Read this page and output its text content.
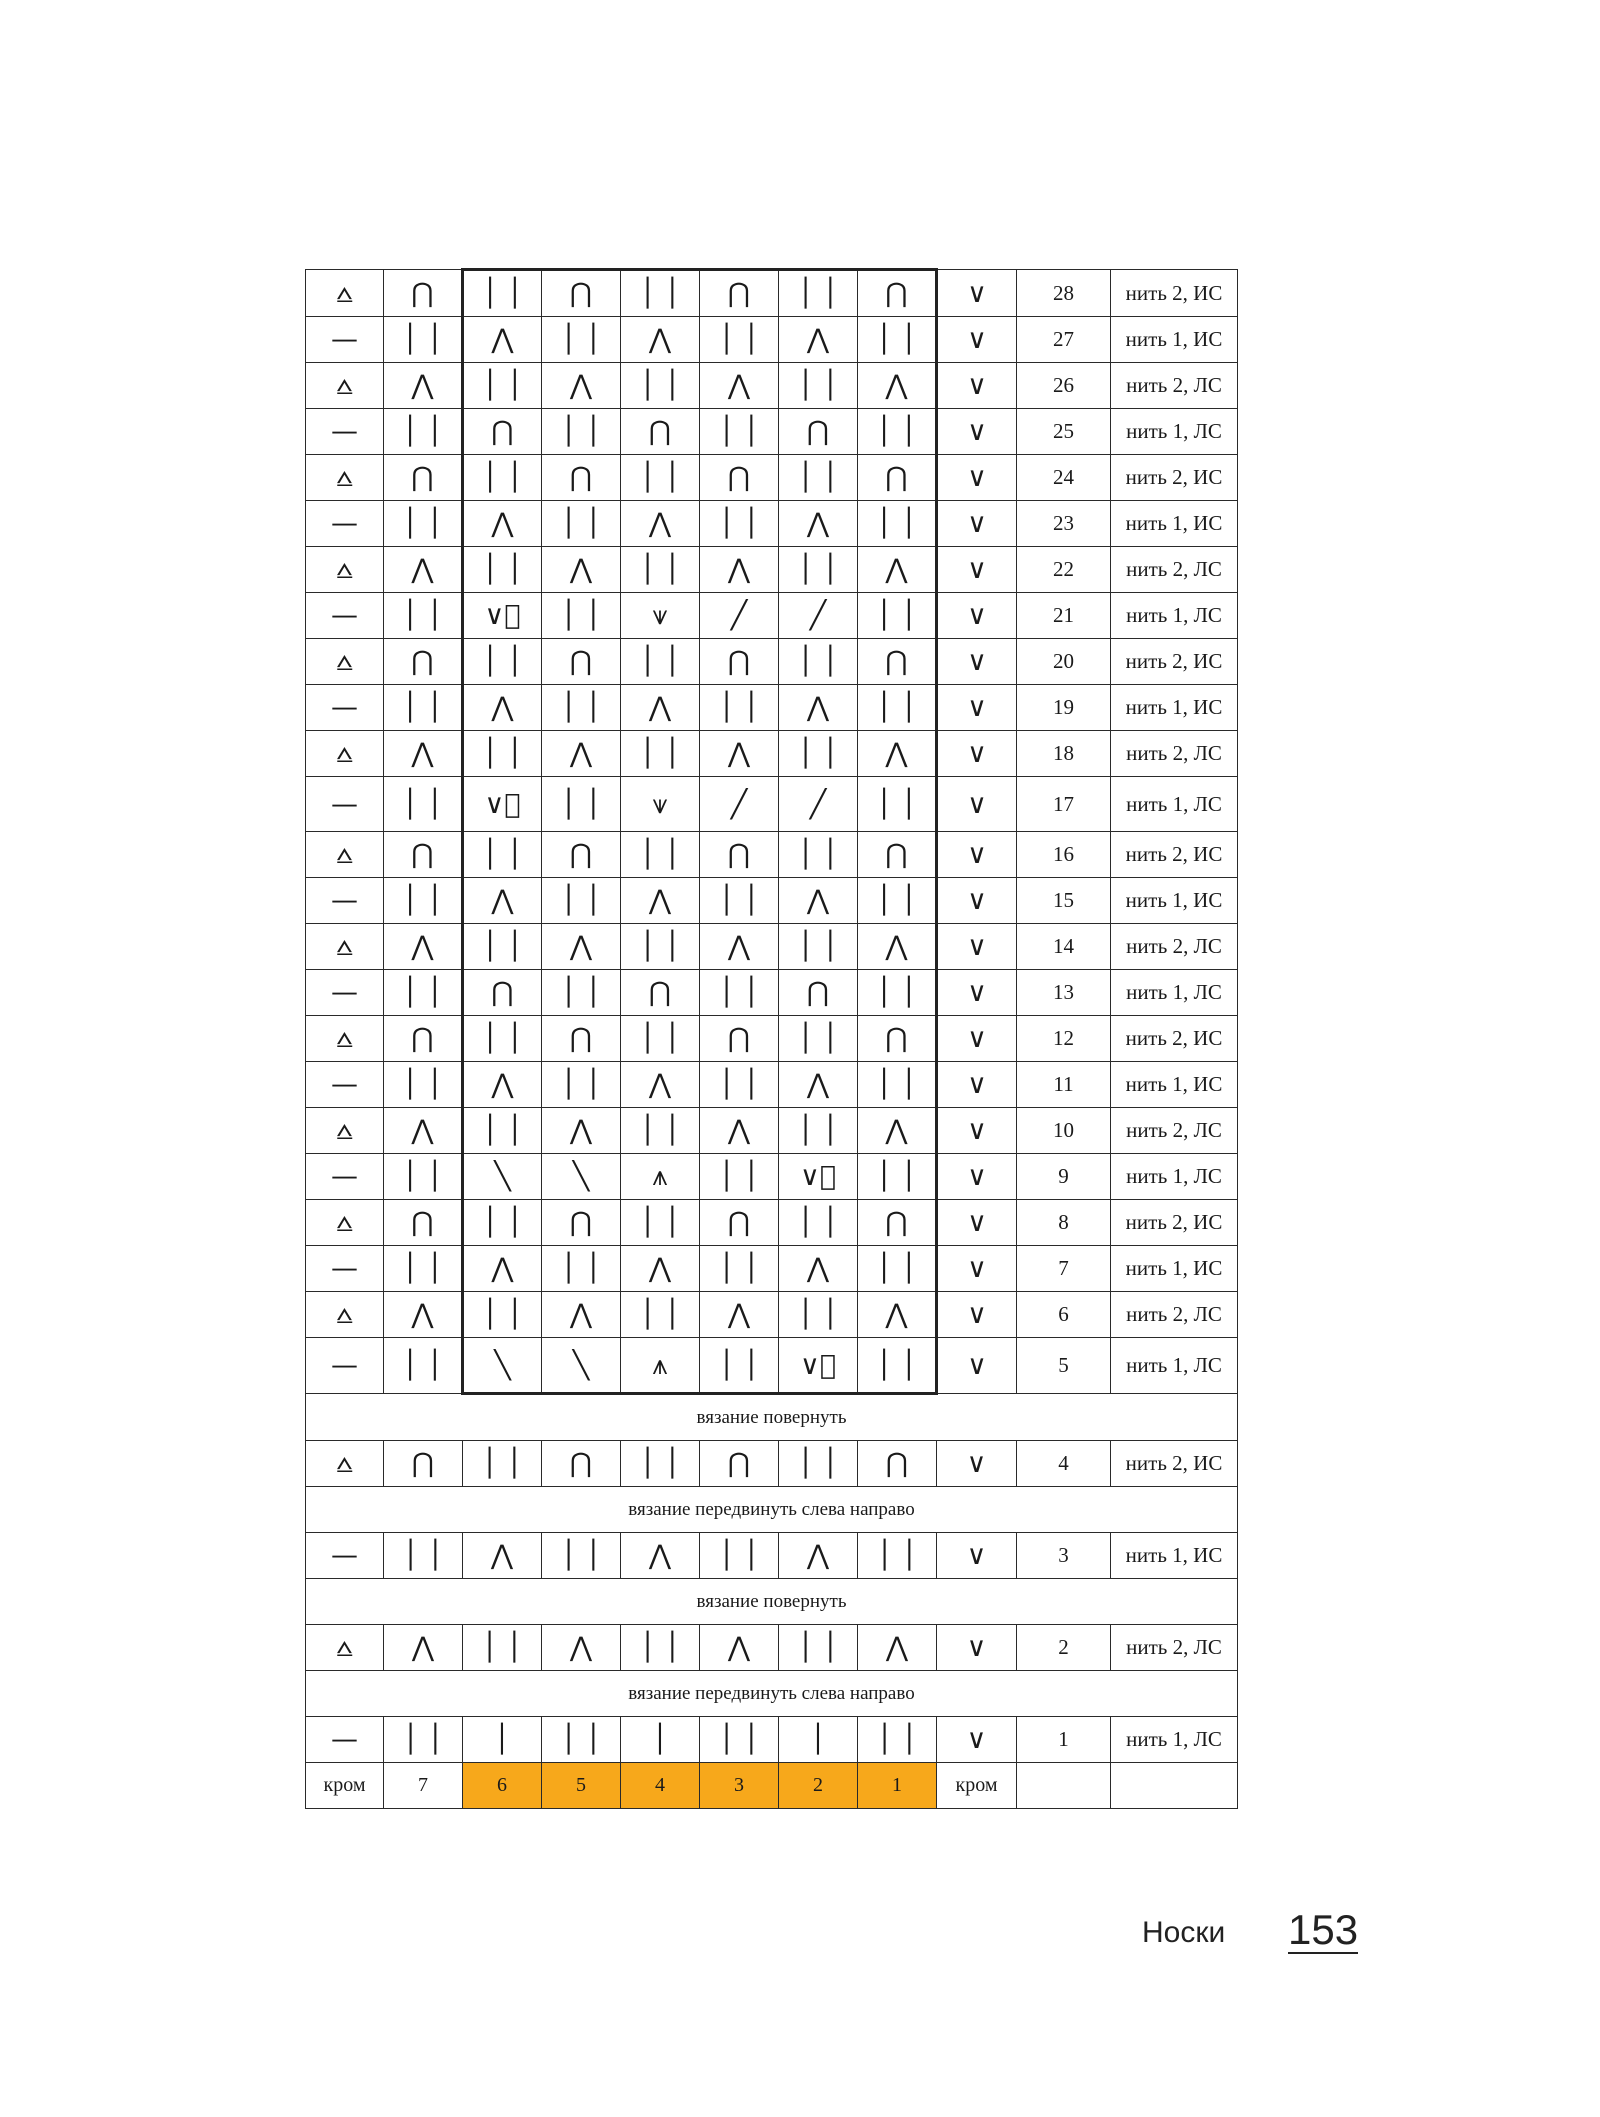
⩟	⋂	│ │	⋂	│ │	⋂	│ │	⋂	∨	28	нить 2, ИС
—	│ │	⋀	│ │	⋀	│ │	⋀	│ │	∨	27	нить 1, ИС
⩟	⋀	│ │	⋀	│ │	⋀	│ │	⋀	∨	26	нить 2, ЛС
—	│ │	⋂	│ │	⋂	│ │	⋂	│ │	∨	25	нить 1, ЛС
⩟	⋂	│ │	⋂	│ │	⋂	│ │	⋂	∨	24	нить 2, ИС
—	│ │	⋀	│ │	⋀	│ │	⋀	│ │	∨	23	нить 1, ИС
⩟	⋀	│ │	⋀	│ │	⋀	│ │	⋀	∨	22	нить 2, ЛС
—	│ │	∨͛	│ │	⩛	╱	╱	│ │	∨	21	нить 1, ЛС
⩟	⋂	│ │	⋂	│ │	⋂	│ │	⋂	∨	20	нить 2, ИС
—	│ │	⋀	│ │	⋀	│ │	⋀	│ │	∨	19	нить 1, ИС
⩟	⋀	│ │	⋀	│ │	⋀	│ │	⋀	∨	18	нить 2, ЛС
—	│ │	∨͛	│ │	⩛	╱	╱	│ │	∨	17	нить 1, ЛС
⩟	⋂	│ │	⋂	│ │	⋂	│ │	⋂	∨	16	нить 2, ИС
—	│ │	⋀	│ │	⋀	│ │	⋀	│ │	∨	15	нить 1, ИС
⩟	⋀	│ │	⋀	│ │	⋀	│ │	⋀	∨	14	нить 2, ЛС
—	│ │	⋂	│ │	⋂	│ │	⋂	│ │	∨	13	нить 1, ЛС
⩟	⋂	│ │	⋂	│ │	⋂	│ │	⋂	∨	12	нить 2, ИС
—	│ │	⋀	│ │	⋀	│ │	⋀	│ │	∨	11	нить 1, ИС
⩟	⋀	│ │	⋀	│ │	⋀	│ │	⋀	∨	10	нить 2, ЛС
—	│ │	╲	╲	⩚	│ │	∨͛	│ │	∨	9	нить 1, ЛС
⩟	⋂	│ │	⋂	│ │	⋂	│ │	⋂	∨	8	нить 2, ИС
—	│ │	⋀	│ │	⋀	│ │	⋀	│ │	∨	7	нить 1, ИС
⩟	⋀	│ │	⋀	│ │	⋀	│ │	⋀	∨	6	нить 2, ЛС
—	│ │	╲	╲	⩚	│ │	∨͛	│ │	∨	5	нить 1, ЛС
вязание повернуть										
⩟	⋂	│ │	⋂	│ │	⋂	│ │	⋂	∨	4	нить 2, ИС
вязание передвинуть слева направо										
—	│ │	⋀	│ │	⋀	│ │	⋀	│ │	∨	3	нить 1, ИС
вязание повернуть										
⩟	⋀	│ │	⋀	│ │	⋀	│ │	⋀	∨	2	нить 2, ЛС
вязание передвинуть слева направо										
—	│ │	│	│ │	│	│ │	│	│ │	∨	1	нить 1, ЛС
кром	7	6	5	4	3	2	1	кром		
Носки 153
